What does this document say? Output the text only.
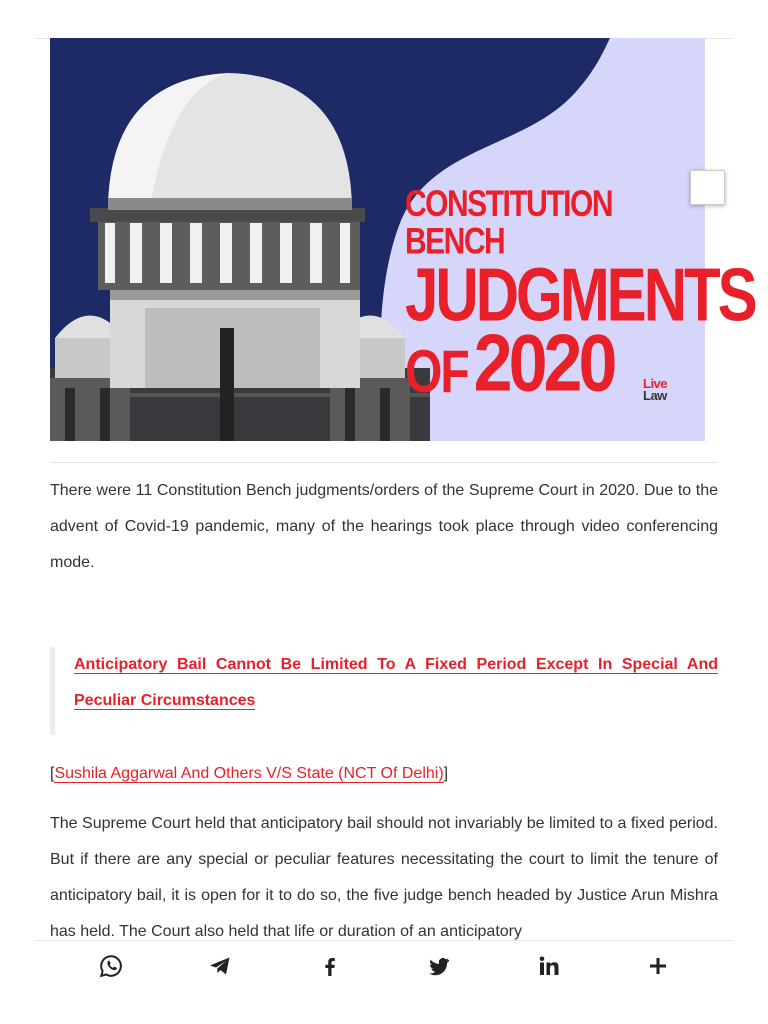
CONSTITUTION BENCH
JUDGMENTS
OF2020	Live
Law

There were 11 Constitution Bench judgments/orders of the Supreme Court in 2020. Due to the advent of Covid-19 pandemic, many of the hearings took place through video conferencing mode.

Anticipatory Bail Cannot Be Limited To A Fixed Period Except In Special And Peculiar Circumstances

[Sushila Aggarwal And Others V/S State (NCT Of Delhi)]

The Supreme Court held that anticipatory bail should not invariably be limited to a fixed period. But if there are any special or peculiar features necessitating the court to limit the tenure of anticipatory bail, it is open for it to do so, the five judge bench headed by Justice Arun Mishra has held. The Court also held that life or duration of an anticipatory
